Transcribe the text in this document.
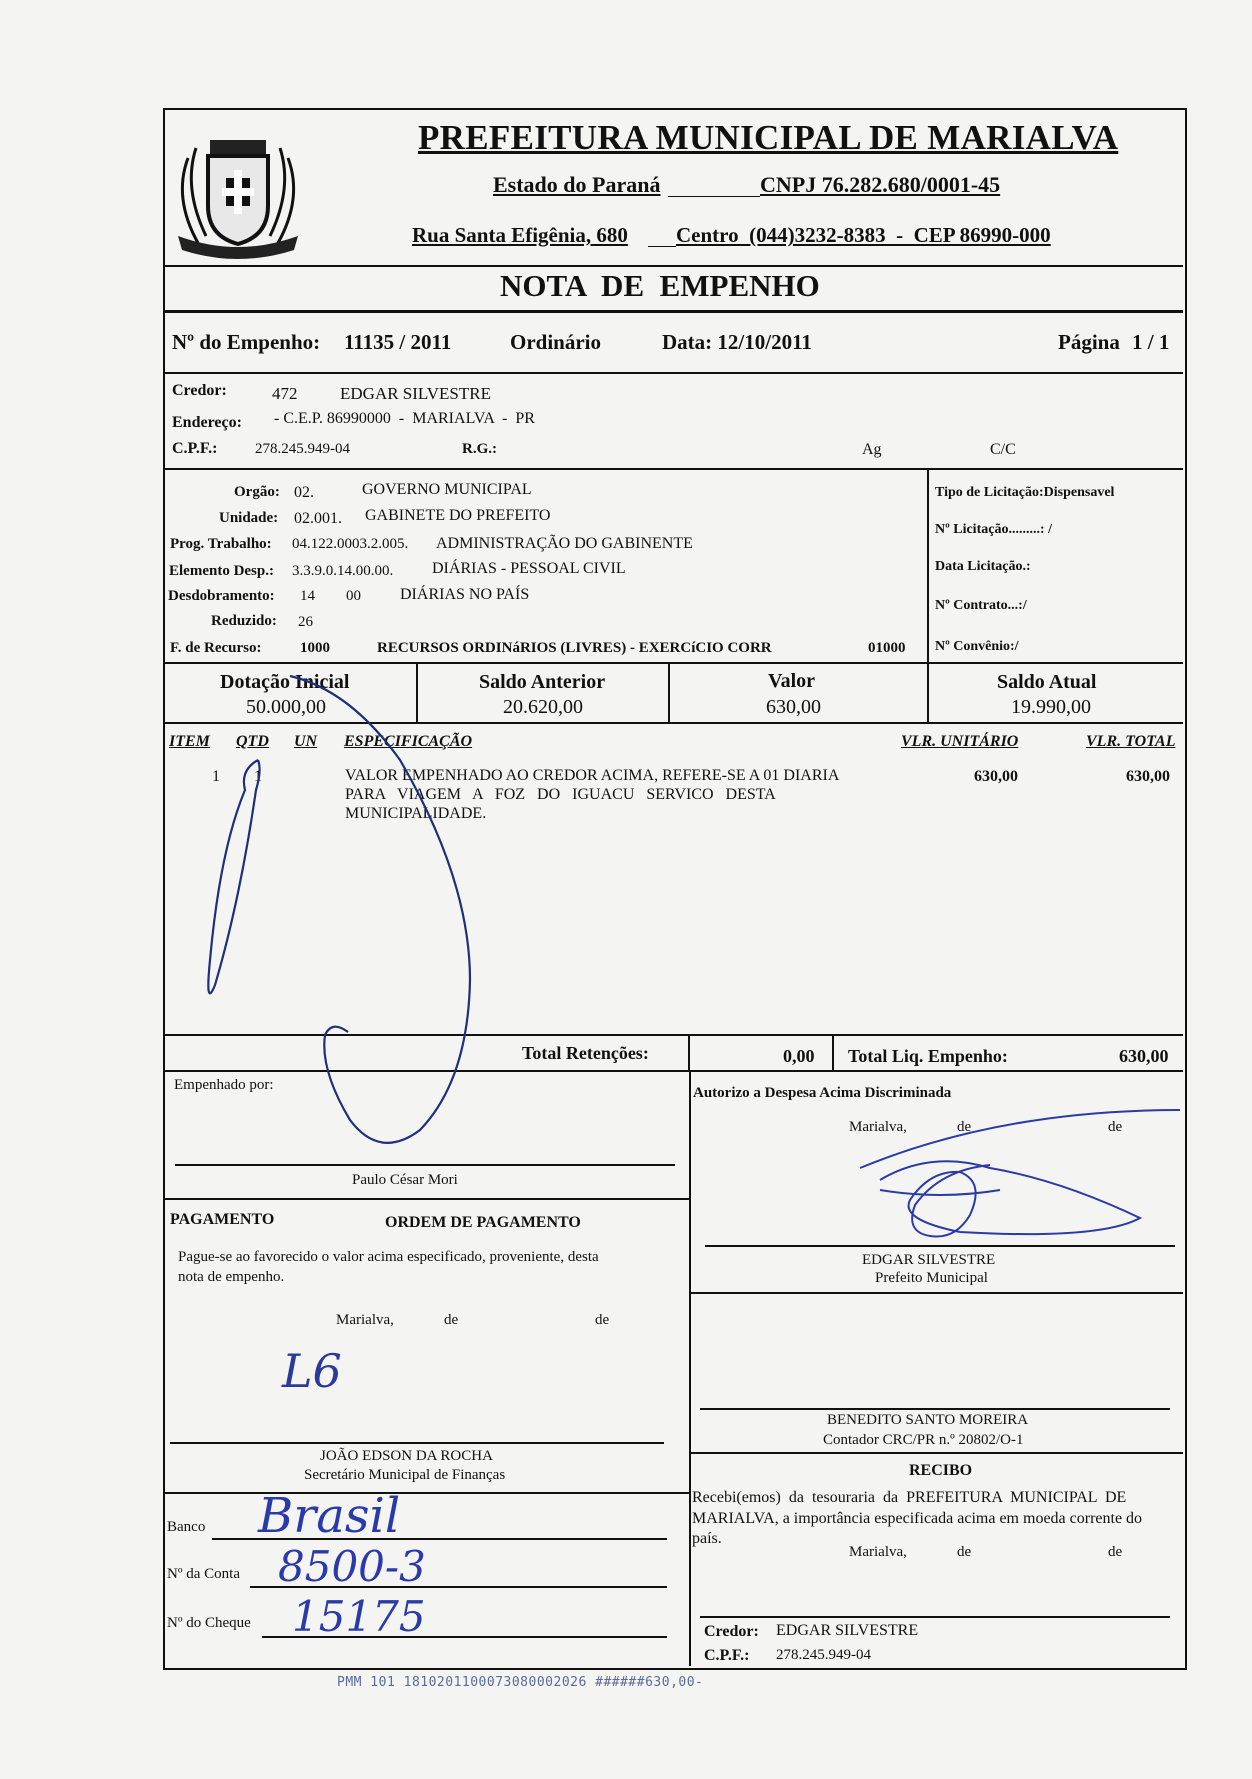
PREFEITURA MUNICIPAL DE MARIALVA
Estado do Paraná	CNPJ 76.282.680/0001-45
Rua Santa Efigênia, 680 Centro  (044)3232-8383  -  CEP 86990-000
NOTA  DE  EMPENHO
Nº do Empenho: 11135 / 2011	Ordinário	Data: 12/10/2011	Página 1 / 1
Credor:	472	EDGAR SILVESTRE
Endereço: - C.E.P. 86990000  -  MARIALVA  -  PR
C.P.F.:	278.245.949-04	R.G.:	Ag	C/C
Orgão: 02.	GOVERNO MUNICIPAL
Unidade: 02.001. GABINETE DO PREFEITO
Prog. Trabalho: 04.122.0003.2.005. ADMINISTRAÇÃO DO GABINENTE
Elemento Desp.: 3.3.9.0.14.00.00. DIÁRIAS - PESSOAL CIVIL
Desdobramento: 14 00 DIÁRIAS NO PAÍS
Reduzido: 26
F. de Recurso:	1000	RECURSOS ORDINáRIOS (LIVRES) - EXERCíCIO CORR	01000
Tipo de Licitação:Dispensavel
Nº Licitação.........: /
Data Licitação.:
Nº Contrato...:/
Nº Convênio:/
Dotação Inicial
50.000,00
Saldo Anterior
20.620,00
Valor
630,00
Saldo Atual
19.990,00
ITEM QTD UN ESPECIFICAÇÃO	VLR. UNITÁRIO	VLR. TOTAL
1 1	VALOR EMPENHADO AO CREDOR ACIMA, REFERE-SE A 01 DIARIA
PARA   VIAGEM   A   FOZ   DO   IGUACU   SERVICO   DESTA
MUNICIPALIDADE.
630,00	630,00
Total Retenções:	0,00 Total Liq. Empenho:	630,00
Empenhado por:
Paulo César Mori
Autorizo a Despesa Acima Discriminada
Marialva,	de	de
EDGAR SILVESTRE
Prefeito Municipal
PAGAMENTO	ORDEM DE PAGAMENTO
Pague-se ao favorecido o valor acima especificado, proveniente, desta
nota de empenho.
Marialva,	de	de
JOÃO EDSON DA ROCHA
Secretário Municipal de Finanças
BENEDITO SANTO MOREIRA
Contador CRC/PR n.º 20802/O-1
RECIBO
Recebi(emos)  da  tesouraria  da  PREFEITURA  MUNICIPAL  DE
MARIALVA, a importância especificada acima em moeda corrente do
país.
Marialva,	de	de
Credor: EDGAR SILVESTRE
C.P.F.: 278.245.949-04
Banco Brasil
Nº da Conta 8500-3
Nº do Cheque 15175
L6
PMM 101 1810201100073080002026 ######630,00-
